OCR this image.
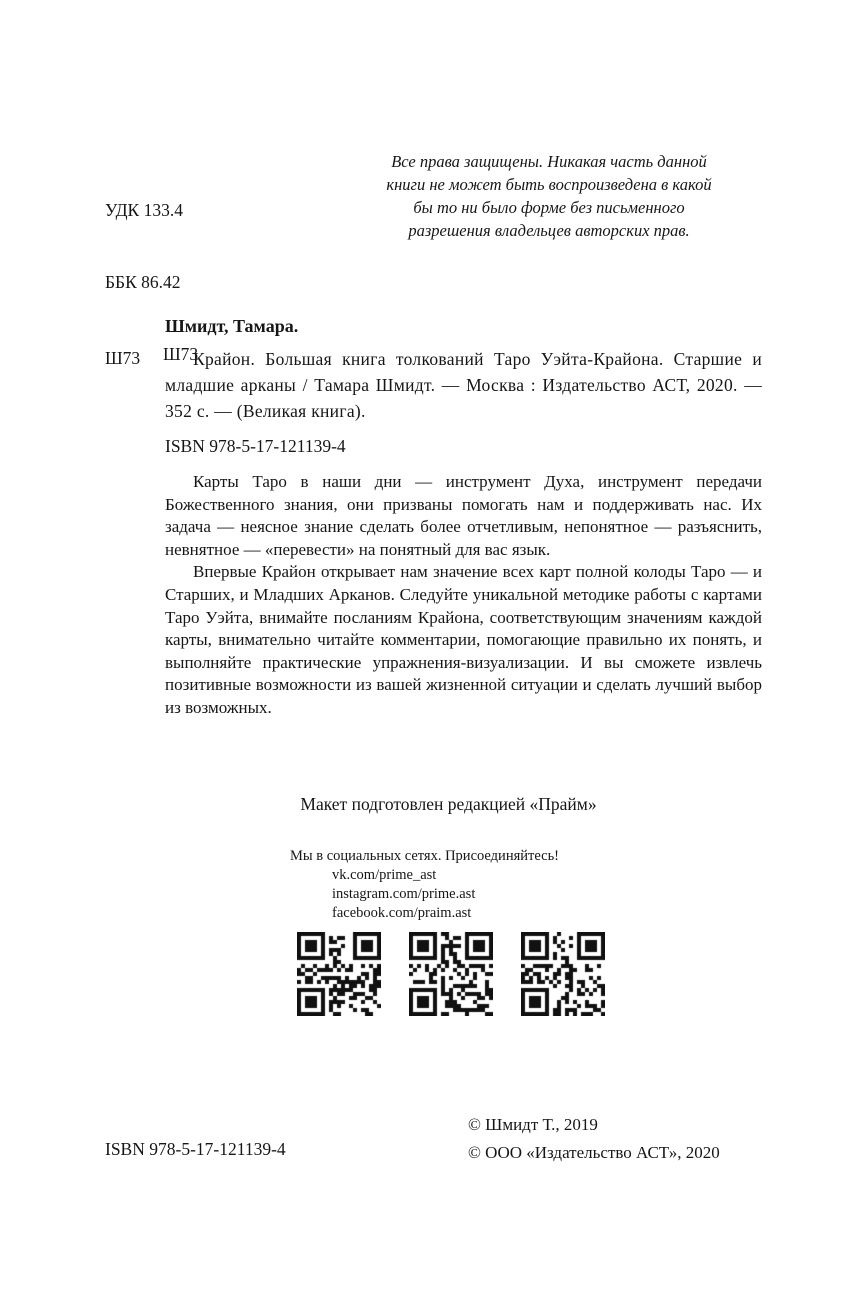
УДК 133.4

ББК 86.42

Ш73

Все права защищены. Никакая часть данной
книги не может быть воспроизведена в какой
бы то ни было форме без письменного
разрешения владельцев авторских прав.
Шмидт, Тамара.
Ш73	Крайон. Большая книга толкований Таро Уэйта-Крайона. Старшие и младшие арканы / Тамара Шмидт. — Москва : Издательство АСТ, 2020. — 352 с. — (Великая книга).
ISBN 978-5-17-121139-4

Карты Таро в наши дни — инструмент Духа, инструмент передачи Божественного знания, они призваны помогать нам и поддерживать нас. Их задача — неясное знание сделать более отчетливым, непонятное — разъяснить, невнятное — «перевести» на понятный для вас язык.

Впервые Крайон открывает нам значение всех карт полной колоды Таро — и Старших, и Младших Арканов. Следуйте уникальной методике работы с картами Таро Уэйта, внимайте посланиям Крайона, соответствующим значениям каждой карты, внимательно читайте комментарии, помогающие правильно их понять, и выполняйте практические упражнения-визуализации. И вы сможете извлечь позитивные возможности из вашей жизненной ситуации и сделать лучший выбор из возможных.

Макет подготовлен редакцией «Прайм»
Мы в социальных сетях. Присоединяйтесь!
vk.com/prime_ast
instagram.com/prime.ast
facebook.com/praim.ast
ISBN 978-5-17-121139-4
© Шмидт Т., 2019
© ООО «Издательство АСТ», 2020
